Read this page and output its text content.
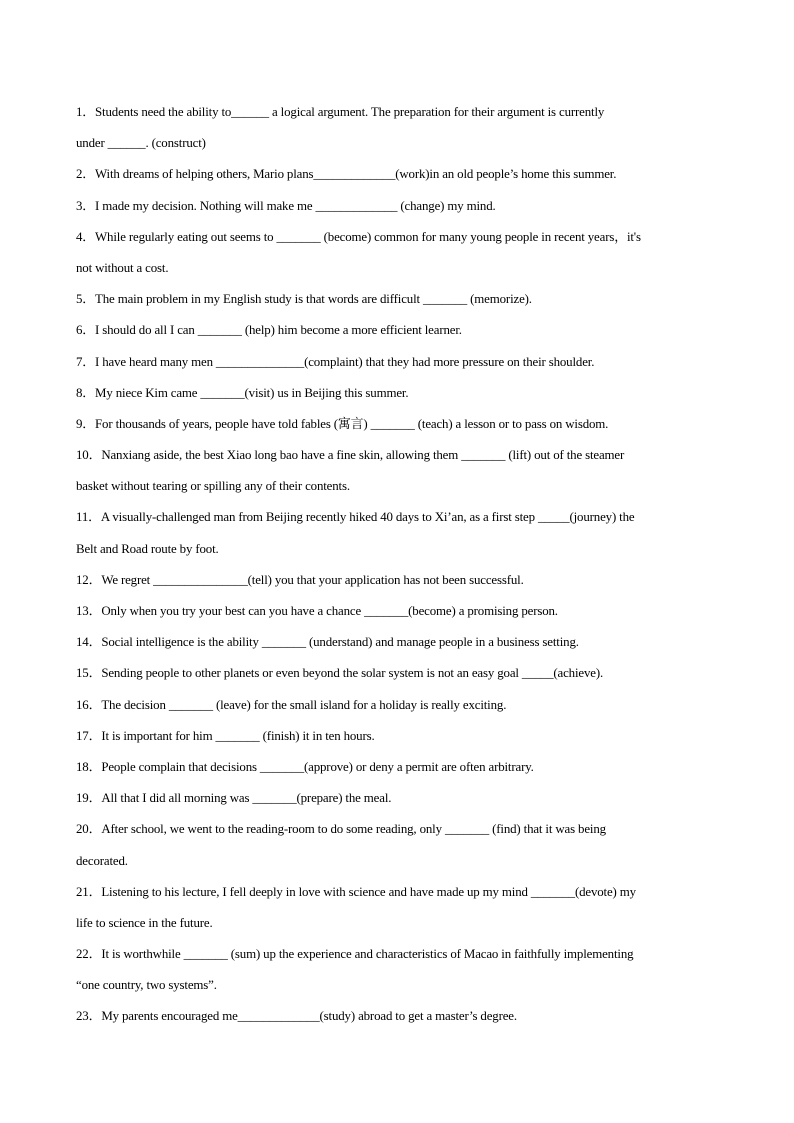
1．Students need the ability to______ a logical argument. The preparation for their argument is currently
under ______. (construct)
2．With dreams of helping others, Mario plans_____________(work)in an old people’s home this summer.
3．I made my decision. Nothing will make me _____________ (change) my mind.
4．While regularly eating out seems to _______ (become) common for many young people in recent years，it's
not without a cost.
5．The main problem in my English study is that words are difficult _______ (memorize).
6．I should do all I can _______ (help) him become a more efficient learner.
7．I have heard many men ______________(complaint) that they had more pressure on their shoulder.
8．My niece Kim came _______(visit) us in Beijing this summer.
9．For thousands of years, people have told fables (寓言) _______ (teach) a lesson or to pass on wisdom.
10．Nanxiang aside, the best Xiao long bao have a fine skin, allowing them _______ (lift) out of the steamer
basket without tearing or spilling any of their contents.
11．A visually-challenged man from Beijing recently hiked 40 days to Xi’an, as a first step _____(journey) the
Belt and Road route by foot.
12．We regret _______________(tell) you that your application has not been successful.
13．Only when you try your best can you have a chance _______(become) a promising person.
14．Social intelligence is the ability _______ (understand) and manage people in a business setting.
15．Sending people to other planets or even beyond the solar system is not an easy goal _____(achieve).
16．The decision _______ (leave) for the small island for a holiday is really exciting.
17．It is important for him _______ (finish) it in ten hours.
18．People complain that decisions _______(approve) or deny a permit are often arbitrary.
19．All that I did all morning was _______(prepare) the meal.
20．After school, we went to the reading-room to do some reading, only _______ (find) that it was being
decorated.
21．Listening to his lecture, I fell deeply in love with science and have made up my mind _______(devote) my
life to science in the future.
22．It is worthwhile _______ (sum) up the experience and characteristics of Macao in faithfully implementing
“one country, two systems”.
23．My parents encouraged me_____________(study) abroad to get a master’s degree.
